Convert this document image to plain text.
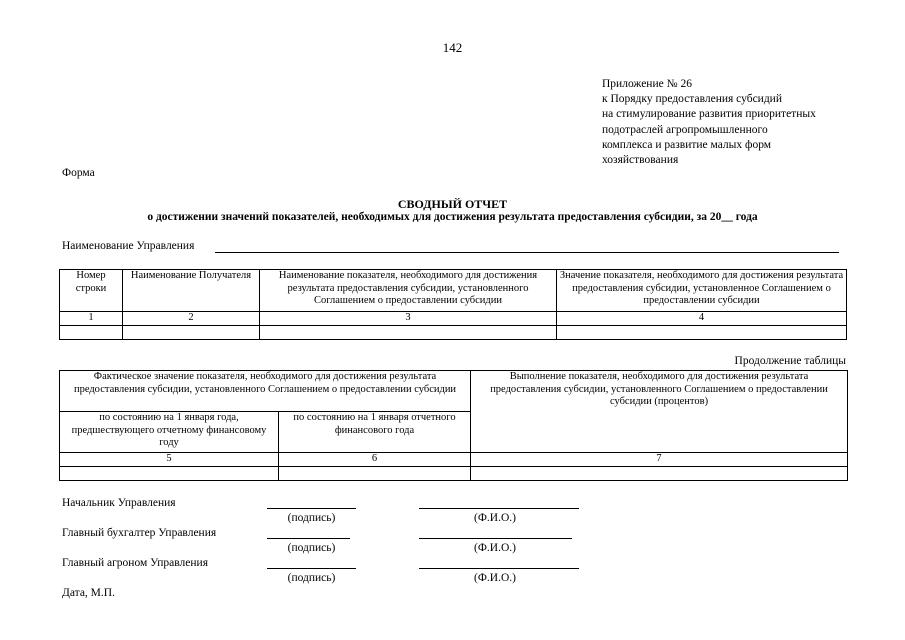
142
Приложение № 26
к Порядку предоставления субсидий
на стимулирование развития приоритетных
подотраслей агропромышленного
комплекса и развитие малых форм
хозяйствования
Форма
СВОДНЫЙ ОТЧЕТ
о достижении значений показателей, необходимых для достижения результата предоставления субсидии, за 20__ года
Наименование Управления
Номер строки	Наименование Получателя	Наименование показателя, необходимого для достижения результата предоставления субсидии, установленного Соглашением о предоставлении субсидии	Значение показателя, необходимого для достижения результата предоставления субсидии, установленное Соглашением о предоставлении субсидии
1	2	3	4

Продолжение таблицы
Фактическое значение показателя, необходимого для достижения результата предоставления субсидии, установленного Соглашением о предоставлении субсидии		Выполнение показателя, необходимого для достижения результата предоставления субсидии, установленного Соглашением о предоставлении субсидии (процентов)
по состоянию на 1 января года, предшествующего отчетному финансовому году	по состоянию на 1 января отчетного финансового года	
5	6	7

Начальник Управления
(подпись)	(Ф.И.О.)
Главный бухгалтер Управления
(подпись)	(Ф.И.О.)
Главный агроном Управления
(подпись)	(Ф.И.О.)
Дата, М.П.
